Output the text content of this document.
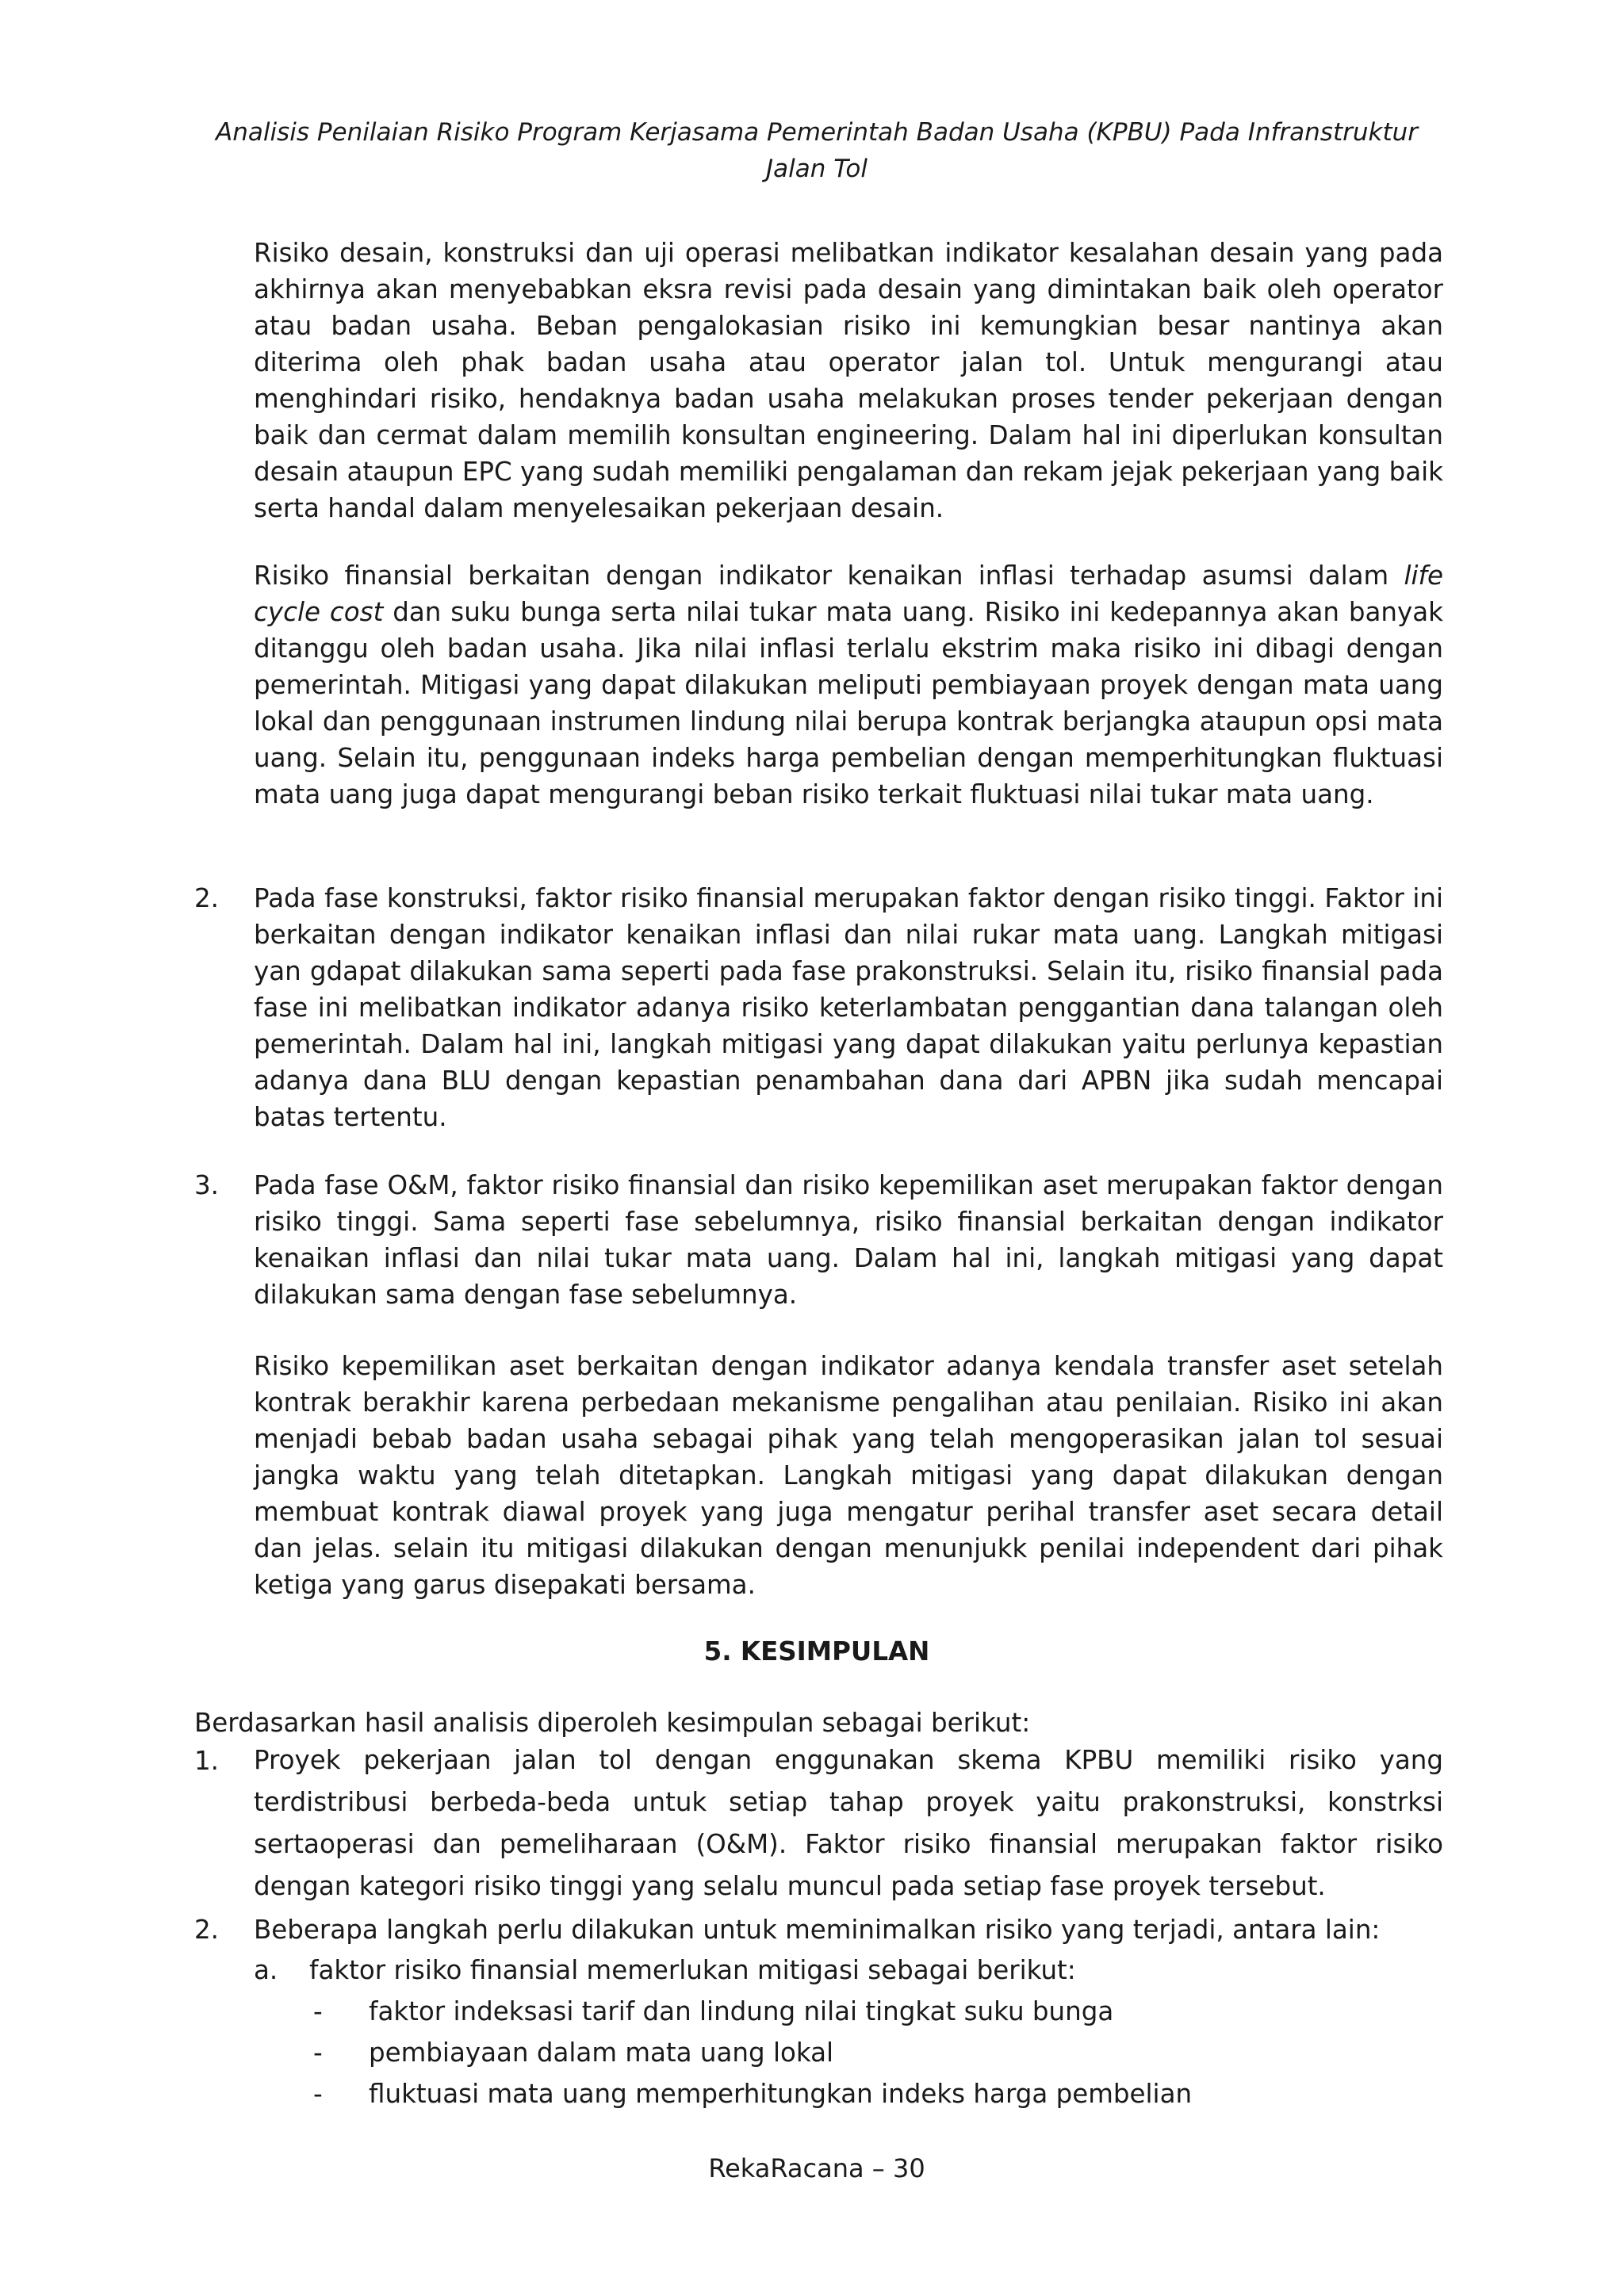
Analisis Penilaian Risiko Program Kerjasama Pemerintah Badan Usaha (KPBU) Pada Infranstruktur
Jalan Tol

Risiko desain, konstruksi dan uji operasi melibatkan indikator kesalahan desain yang pada akhirnya akan menyebabkan eksra revisi pada desain yang dimintakan baik oleh operator atau badan usaha. Beban pengalokasian risiko ini kemungkian besar nantinya akan diterima oleh phak badan usaha atau operator jalan tol. Untuk mengurangi atau menghindari risiko, hendaknya badan usaha melakukan proses tender pekerjaan dengan baik dan cermat dalam memilih konsultan engineering. Dalam hal ini diperlukan konsultan desain ataupun EPC yang sudah memiliki pengalaman dan rekam jejak pekerjaan yang baik serta handal dalam menyelesaikan pekerjaan desain.

Risiko finansial berkaitan dengan indikator kenaikan inflasi terhadap asumsi dalam life cycle cost dan suku bunga serta nilai tukar mata uang. Risiko ini kedepannya akan banyak ditanggu oleh badan usaha. Jika nilai inflasi terlalu ekstrim maka risiko ini dibagi dengan pemerintah. Mitigasi yang dapat dilakukan meliputi pembiayaan proyek dengan mata uang lokal dan penggunaan instrumen lindung nilai berupa kontrak berjangka ataupun opsi mata uang. Selain itu, penggunaan indeks harga pembelian dengan memperhitungkan fluktuasi mata uang juga dapat mengurangi beban risiko terkait fluktuasi nilai tukar mata uang.

2. Pada fase konstruksi, faktor risiko finansial merupakan faktor dengan risiko tinggi. Faktor ini berkaitan dengan indikator kenaikan inflasi dan nilai rukar mata uang. Langkah mitigasi yan gdapat dilakukan sama seperti pada fase prakonstruksi. Selain itu, risiko finansial pada fase ini melibatkan indikator adanya risiko keterlambatan penggantian dana talangan oleh pemerintah. Dalam hal ini, langkah mitigasi yang dapat dilakukan yaitu perlunya kepastian adanya dana BLU dengan kepastian penambahan dana dari APBN jika sudah mencapai batas tertentu.

3. Pada fase O&M, faktor risiko finansial dan risiko kepemilikan aset merupakan faktor dengan risiko tinggi. Sama seperti fase sebelumnya, risiko finansial berkaitan dengan indikator kenaikan inflasi dan nilai tukar mata uang. Dalam hal ini, langkah mitigasi yang dapat dilakukan sama dengan fase sebelumnya.

Risiko kepemilikan aset berkaitan dengan indikator adanya kendala transfer aset setelah kontrak berakhir karena perbedaan mekanisme pengalihan atau penilaian. Risiko ini akan menjadi bebab badan usaha sebagai pihak yang telah mengoperasikan jalan tol sesuai jangka waktu yang telah ditetapkan. Langkah mitigasi yang dapat dilakukan dengan membuat kontrak diawal proyek yang juga mengatur perihal transfer aset secara detail dan jelas. selain itu mitigasi dilakukan dengan menunjukk penilai independent dari pihak ketiga yang garus disepakati bersama.

5. KESIMPULAN

Berdasarkan hasil analisis diperoleh kesimpulan sebagai berikut:

1. Proyek pekerjaan jalan tol dengan enggunakan skema KPBU memiliki risiko yang terdistribusi berbeda-beda untuk setiap tahap proyek yaitu prakonstruksi, konstrksi sertaoperasi dan pemeliharaan (O&M). Faktor risiko finansial merupakan faktor risiko dengan kategori risiko tinggi yang selalu muncul pada setiap fase proyek tersebut.

2. Beberapa langkah perlu dilakukan untuk meminimalkan risiko yang terjadi, antara lain:

a. faktor risiko finansial memerlukan mitigasi sebagai berikut:

- faktor indeksasi tarif dan lindung nilai tingkat suku bunga

- pembiayaan dalam mata uang lokal

- fluktuasi mata uang memperhitungkan indeks harga pembelian

RekaRacana – 30
